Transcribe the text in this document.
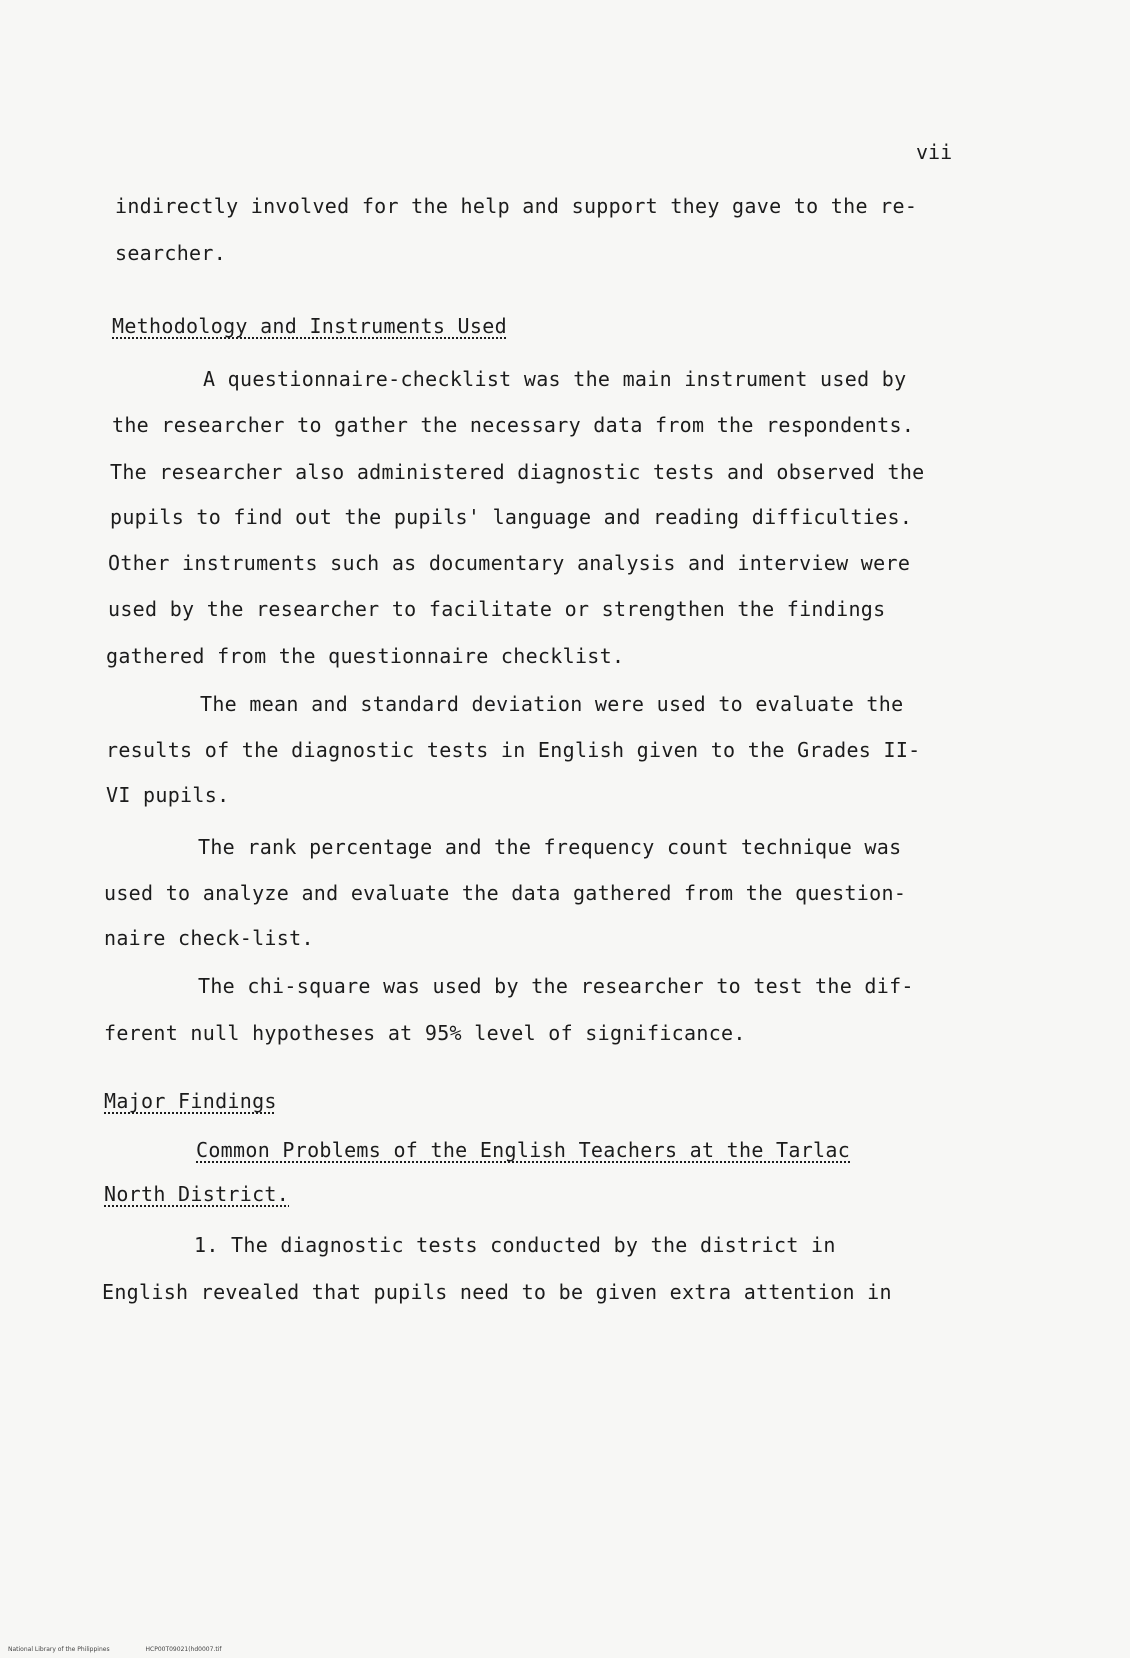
vii
indirectly involved for the help and support they gave to the re-
searcher.
Methodology and Instruments Used
A questionnaire-checklist was the main instrument used by
the researcher to gather the necessary data from the respondents.
The researcher also administered diagnostic tests and observed the
pupils to find out the pupils' language and reading difficulties.
Other instruments such as documentary analysis and interview were
used by the researcher to facilitate or strengthen the findings
gathered from the questionnaire checklist.
The mean and standard deviation were used to evaluate the
results of the diagnostic tests in English given to the Grades II-
VI pupils.
The rank percentage and the frequency count technique was
used to analyze and evaluate the data gathered from the question-
naire check-list.
The chi-square was used by the researcher to test the dif-
ferent null hypotheses at 95% level of significance.
Major Findings
Common Problems of the English Teachers at the Tarlac
North District.
1. The diagnostic tests conducted by the district in
English revealed that pupils need to be given extra attention in
National Library of the Philippines	HCP00T09021(hd0007.tif
